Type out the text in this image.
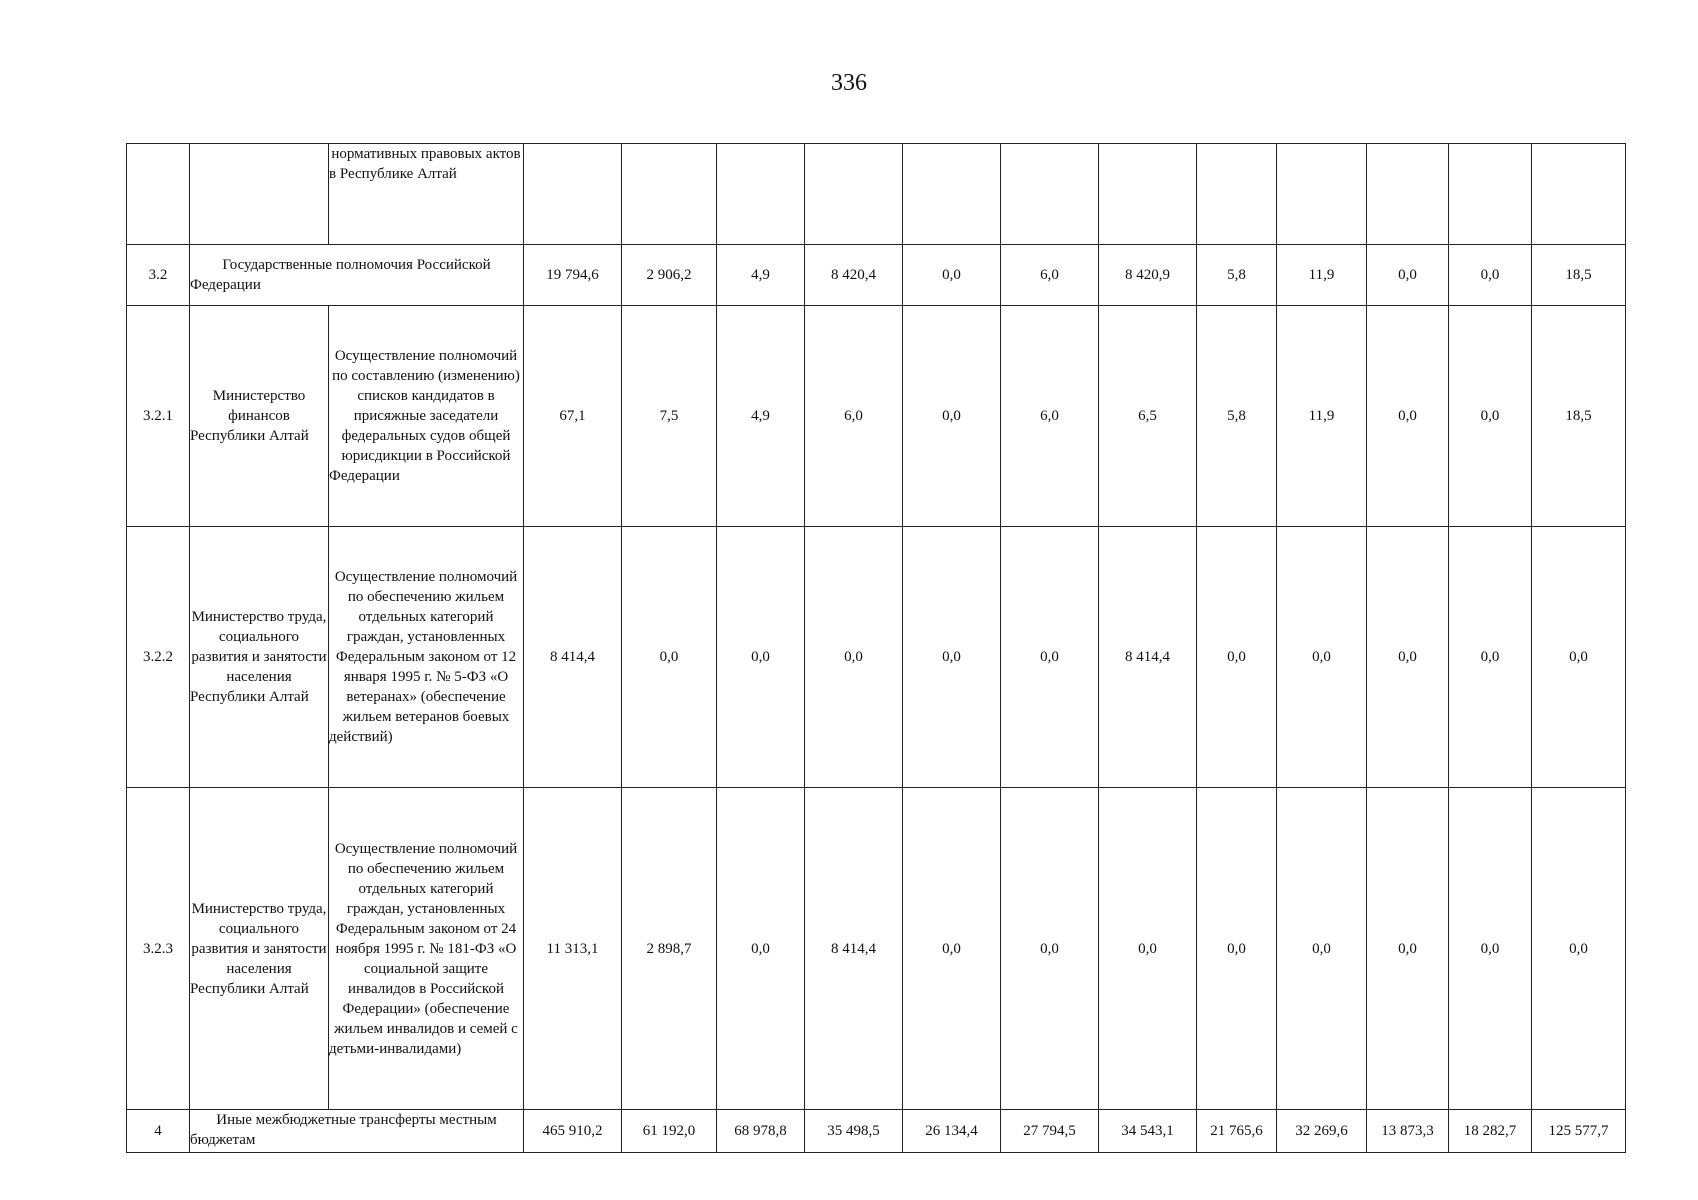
336
		нормативных правовых актов в Республике Алтай												
3.2	Государственные полномочия Российской Федерации		19 794,6	2 906,2	4,9	8 420,4	0,0	6,0	8 420,9	5,8	11,9	0,0	0,0	18,5
3.2.1	Министерство финансов Республики Алтай	Осуществление полномочий по составлению (изменению) списков кандидатов в присяжные заседатели федеральных судов общей юрисдикции в Российской Федерации	67,1	7,5	4,9	6,0	0,0	6,0	6,5	5,8	11,9	0,0	0,0	18,5
3.2.2	Министерство труда, социального развития и занятости населения Республики Алтай	Осуществление полномочий по обеспечению жильем отдельных категорий граждан, установленных Федеральным законом от 12 января 1995 г. № 5-ФЗ «О ветеранах» (обеспечение жильем ветеранов боевых действий)	8 414,4	0,0	0,0	0,0	0,0	0,0	8 414,4	0,0	0,0	0,0	0,0	0,0
3.2.3	Министерство труда, социального развития и занятости населения Республики Алтай	Осуществление полномочий по обеспечению жильем отдельных категорий граждан, установленных Федеральным законом от 24 ноября 1995 г. № 181-ФЗ «О социальной защите инвалидов в Российской Федерации» (обеспечение жильем инвалидов и семей с детьми-инвалидами)	11 313,1	2 898,7	0,0	8 414,4	0,0	0,0	0,0	0,0	0,0	0,0	0,0	0,0
4	Иные межбюджетные трансферты местным бюджетам		465 910,2	61 192,0	68 978,8	35 498,5	26 134,4	27 794,5	34 543,1	21 765,6	32 269,6	13 873,3	18 282,7	125 577,7
